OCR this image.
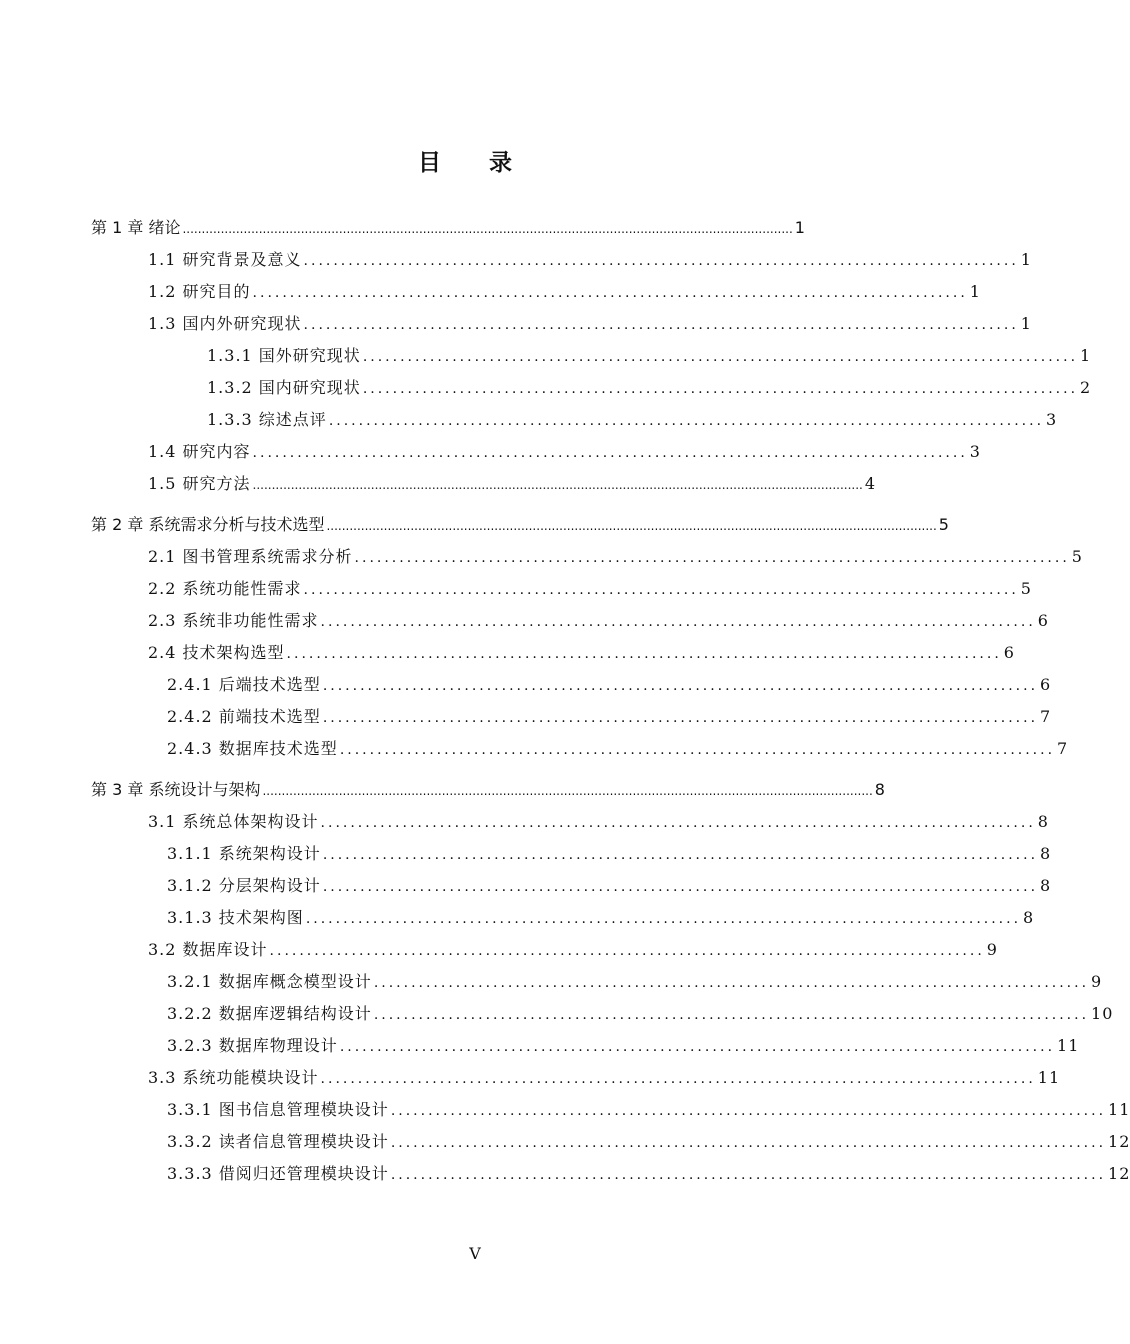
目 录
第 1 章 绪论 ................................................................................................................................................................ 1
1.1 研究背景及意义 ................................................................................................ 1
1.2 研究目的 ................................................................................................ 1
1.3 国内外研究现状 ................................................................................................ 1
1.3.1 国外研究现状 ................................................................................................ 1
1.3.2 国内研究现状 ................................................................................................ 2
1.3.3 综述点评 ................................................................................................ 3
1.4 研究内容 ................................................................................................ 3
1.5 研究方法 ................................................................................................................................................................ 4
第 2 章 系统需求分析与技术选型 ................................................................................................................................................................ 5
2.1 图书管理系统需求分析 ................................................................................................ 5
2.2 系统功能性需求 ................................................................................................ 5
2.3 系统非功能性需求 ................................................................................................ 6
2.4 技术架构选型 ................................................................................................ 6
2.4.1 后端技术选型 ................................................................................................ 6
2.4.2 前端技术选型 ................................................................................................ 7
2.4.3 数据库技术选型 ................................................................................................ 7
第 3 章 系统设计与架构 ................................................................................................................................................................ 8
3.1 系统总体架构设计 ................................................................................................ 8
3.1.1 系统架构设计 ................................................................................................ 8
3.1.2 分层架构设计 ................................................................................................ 8
3.1.3 技术架构图 ................................................................................................ 8
3.2 数据库设计 ................................................................................................ 9
3.2.1 数据库概念模型设计 ................................................................................................ 9
3.2.2 数据库逻辑结构设计 ................................................................................................ 10
3.2.3 数据库物理设计 ................................................................................................ 11
3.3 系统功能模块设计 ................................................................................................ 11
3.3.1 图书信息管理模块设计 ................................................................................................ 11
3.3.2 读者信息管理模块设计 ................................................................................................ 12
3.3.3 借阅归还管理模块设计 ................................................................................................ 12
V
